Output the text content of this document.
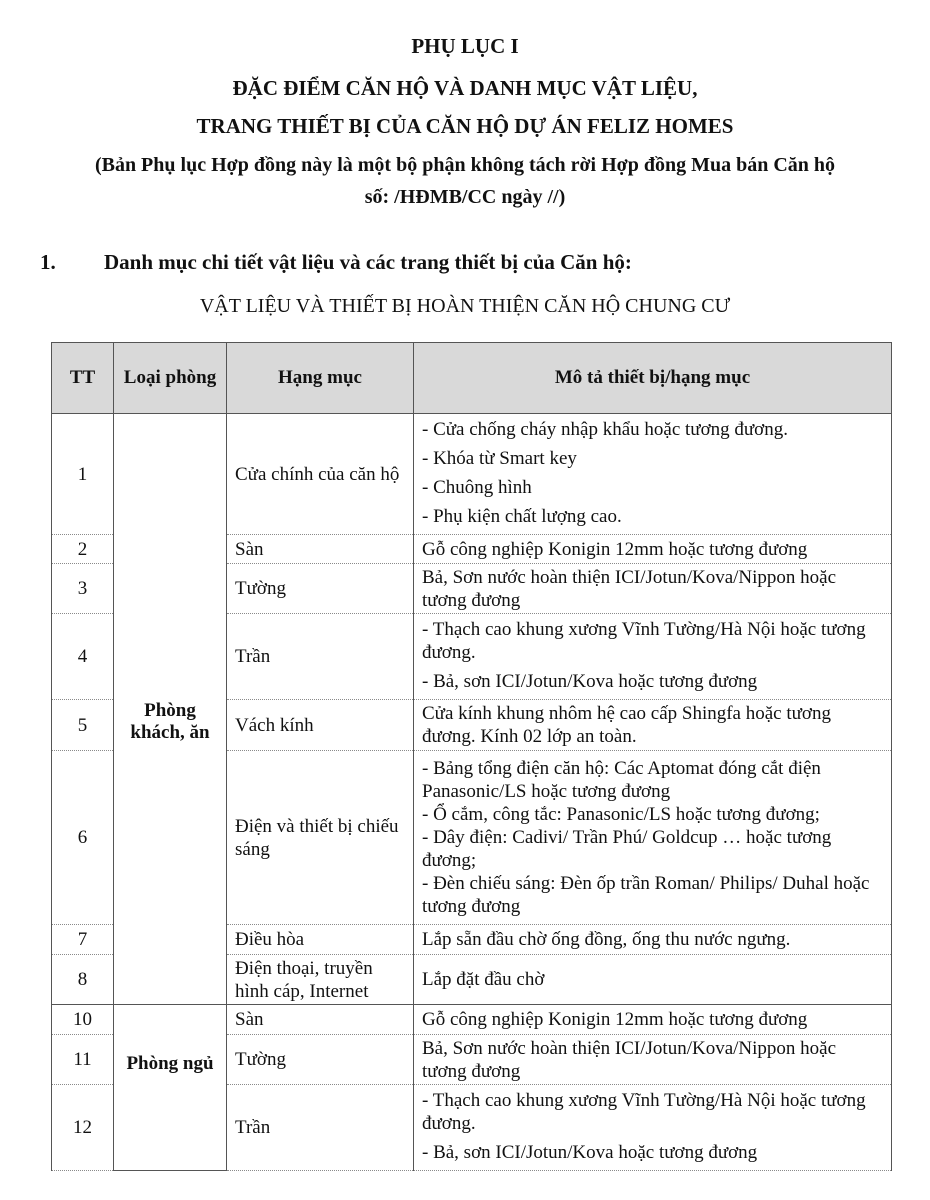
PHỤ LỤC I
ĐẶC ĐIỂM CĂN HỘ VÀ DANH MỤC VẬT LIỆU,
TRANG THIẾT BỊ CỦA CĂN HỘ DỰ ÁN FELIZ HOMES
(Bản Phụ lục Hợp đồng này là một bộ phận không tách rời Hợp đồng Mua bán Căn hộ
số: /HĐMB/CC ngày //)
1. Danh mục chi tiết vật liệu và các trang thiết bị của Căn hộ:
VẬT LIỆU VÀ THIẾT BỊ HOÀN THIỆN CĂN HỘ CHUNG CƯ
TT	Loại phòng	Hạng mục	Mô tả thiết bị/hạng mục
1	Phòng khách, ăn	Cửa chính của căn hộ	- Cửa chống cháy nhập khẩu hoặc tương đương.
- Khóa từ Smart key
- Chuông hình
- Phụ kiện chất lượng cao.

2		Sàn	Gỗ công nghiệp Konigin 12mm hoặc tương đương
3		Tường	Bả, Sơn nước hoàn thiện ICI/Jotun/Kova/Nippon hoặc tương đương
4		Trần	- Thạch cao khung xương Vĩnh Tường/Hà Nội hoặc tương đương.
- Bả, sơn ICI/Jotun/Kova hoặc tương đương

5		Vách kính	Cửa kính khung nhôm hệ cao cấp Shingfa hoặc tương đương. Kính 02 lớp an toàn.
6		Điện và thiết bị chiếu sáng	- Bảng tổng điện căn hộ: Các Aptomat đóng cắt điện Panasonic/LS hoặc tương đương
- Ổ cắm, công tắc: Panasonic/LS hoặc tương đương;
- Dây điện: Cadivi/ Trần Phú/ Goldcup … hoặc tương đương;
- Đèn chiếu sáng: Đèn ốp trần Roman/ Philips/ Duhal hoặc tương đương

7		Điều hòa	Lắp sẵn đầu chờ ống đồng, ống thu nước ngưng.
8		Điện thoại, truyền hình cáp, Internet	Lắp đặt đầu chờ
10	Phòng ngủ	Sàn	Gỗ công nghiệp Konigin 12mm hoặc tương đương
11		Tường	Bả, Sơn nước hoàn thiện ICI/Jotun/Kova/Nippon hoặc tương đương
12		Trần	- Thạch cao khung xương Vĩnh Tường/Hà Nội hoặc tương đương.
- Bả, sơn ICI/Jotun/Kova hoặc tương đương
